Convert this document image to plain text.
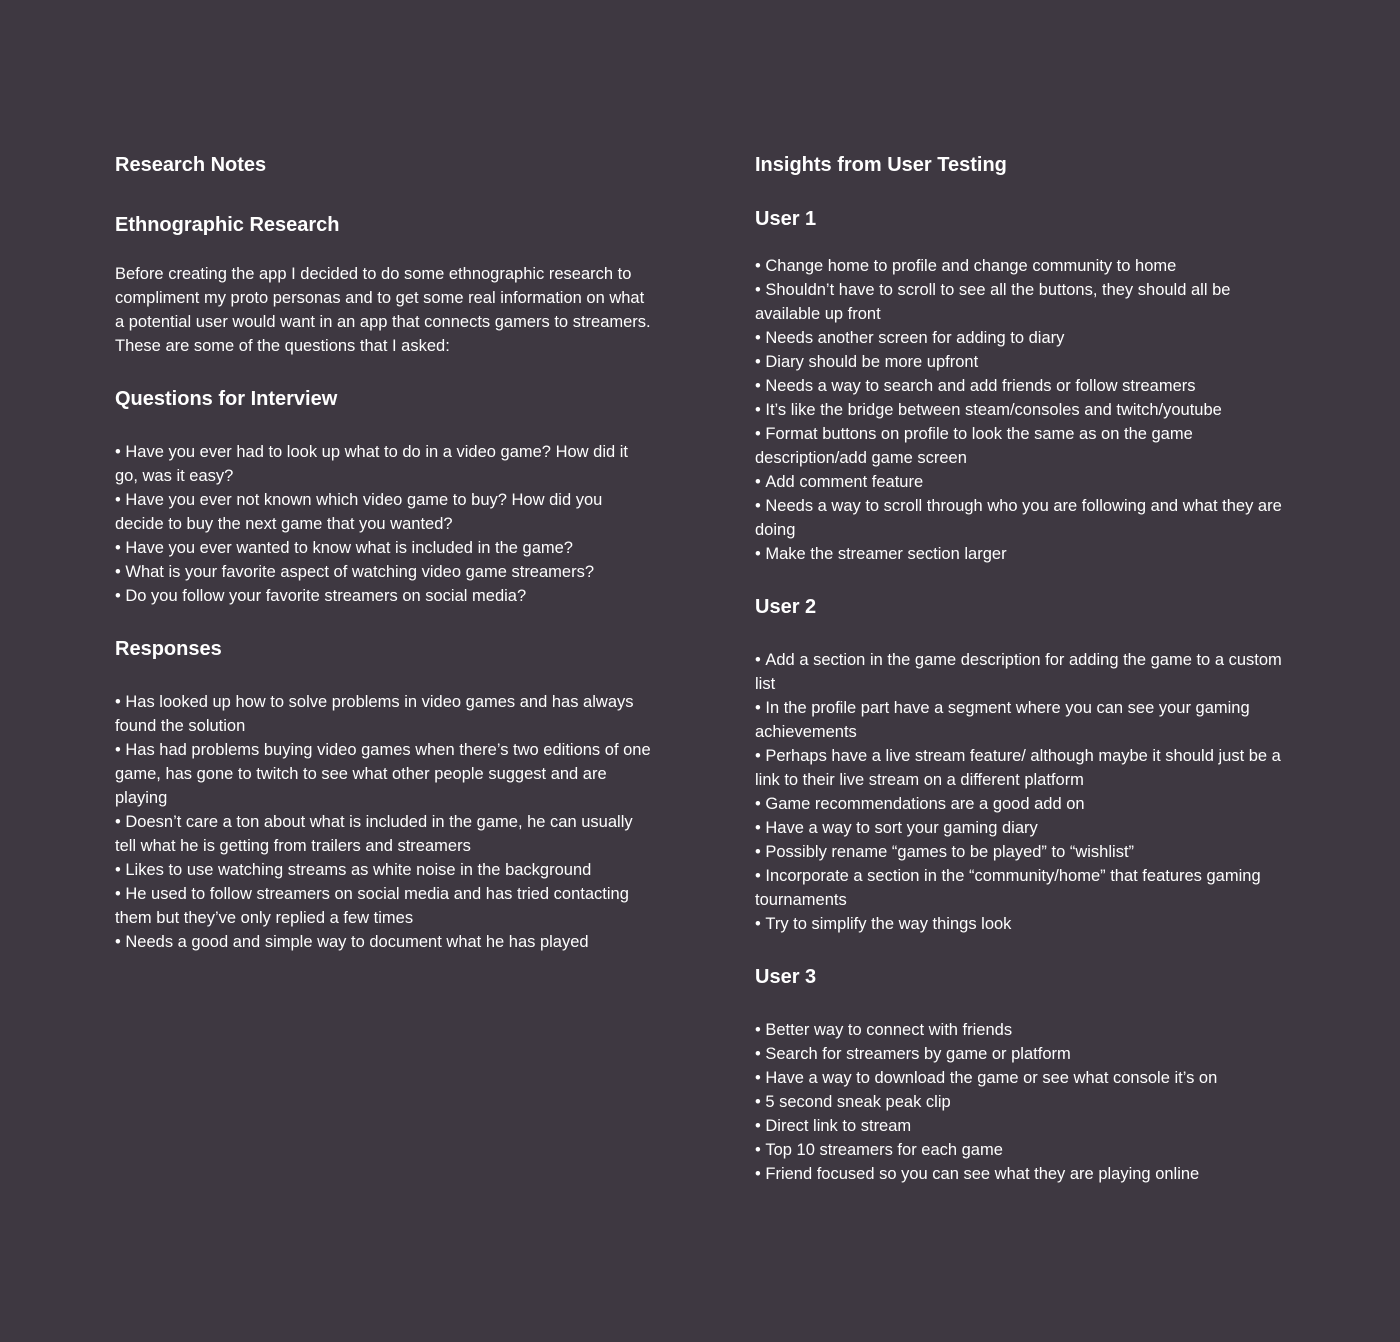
Research Notes
Ethnographic Research

Before creating the app I decided to do some ethnographic research to compliment my proto personas and to get some real information on what a potential user would want in an app that connects gamers to streamers. These are some of the questions that I asked:

Questions for Interview
• Have you ever had to look up what to do in a video game? How did it go, was it easy?
• Have you ever not known which video game to buy? How did you decide to buy the next game that you wanted?
• Have you ever wanted to know what is included in the game?
• What is your favorite aspect of watching video game streamers?
• Do you follow your favorite streamers on social media?
Responses
• Has looked up how to solve problems in video games and has always found the solution
• Has had problems buying video games when there’s two editions of one game, has gone to twitch to see what other people suggest and are playing
• Doesn’t care a ton about what is included in the game, he can usually tell what he is getting from trailers and streamers
• Likes to use watching streams as white noise in the background
• He used to follow streamers on social media and has tried contacting them but they’ve only replied a few times
• Needs a good and simple way to document what he has played
Insights from User Testing
User 1
• Change home to profile and change community to home
• Shouldn’t have to scroll to see all the buttons, they should all be available up front
• Needs another screen for adding to diary
• Diary should be more upfront
• Needs a way to search and add friends or follow streamers
• It’s like the bridge between steam/consoles and twitch/youtube
• Format buttons on profile to look the same as on the game description/add game screen
• Add comment feature
• Needs a way to scroll through who you are following and what they are doing
• Make the streamer section larger
User 2
• Add a section in the game description for adding the game to a custom list
• In the profile part have a segment where you can see your gaming achievements
• Perhaps have a live stream feature/ although maybe it should just be a link to their live stream on a different platform
• Game recommendations are a good add on
• Have a way to sort your gaming diary
• Possibly rename “games to be played” to “wishlist”
• Incorporate a section in the “community/home” that features gaming tournaments
• Try to simplify the way things look
User 3
• Better way to connect with friends
• Search for streamers by game or platform
• Have a way to download the game or see what console it’s on
• 5 second sneak peak clip
• Direct link to stream
• Top 10 streamers for each game
• Friend focused so you can see what they are playing online
